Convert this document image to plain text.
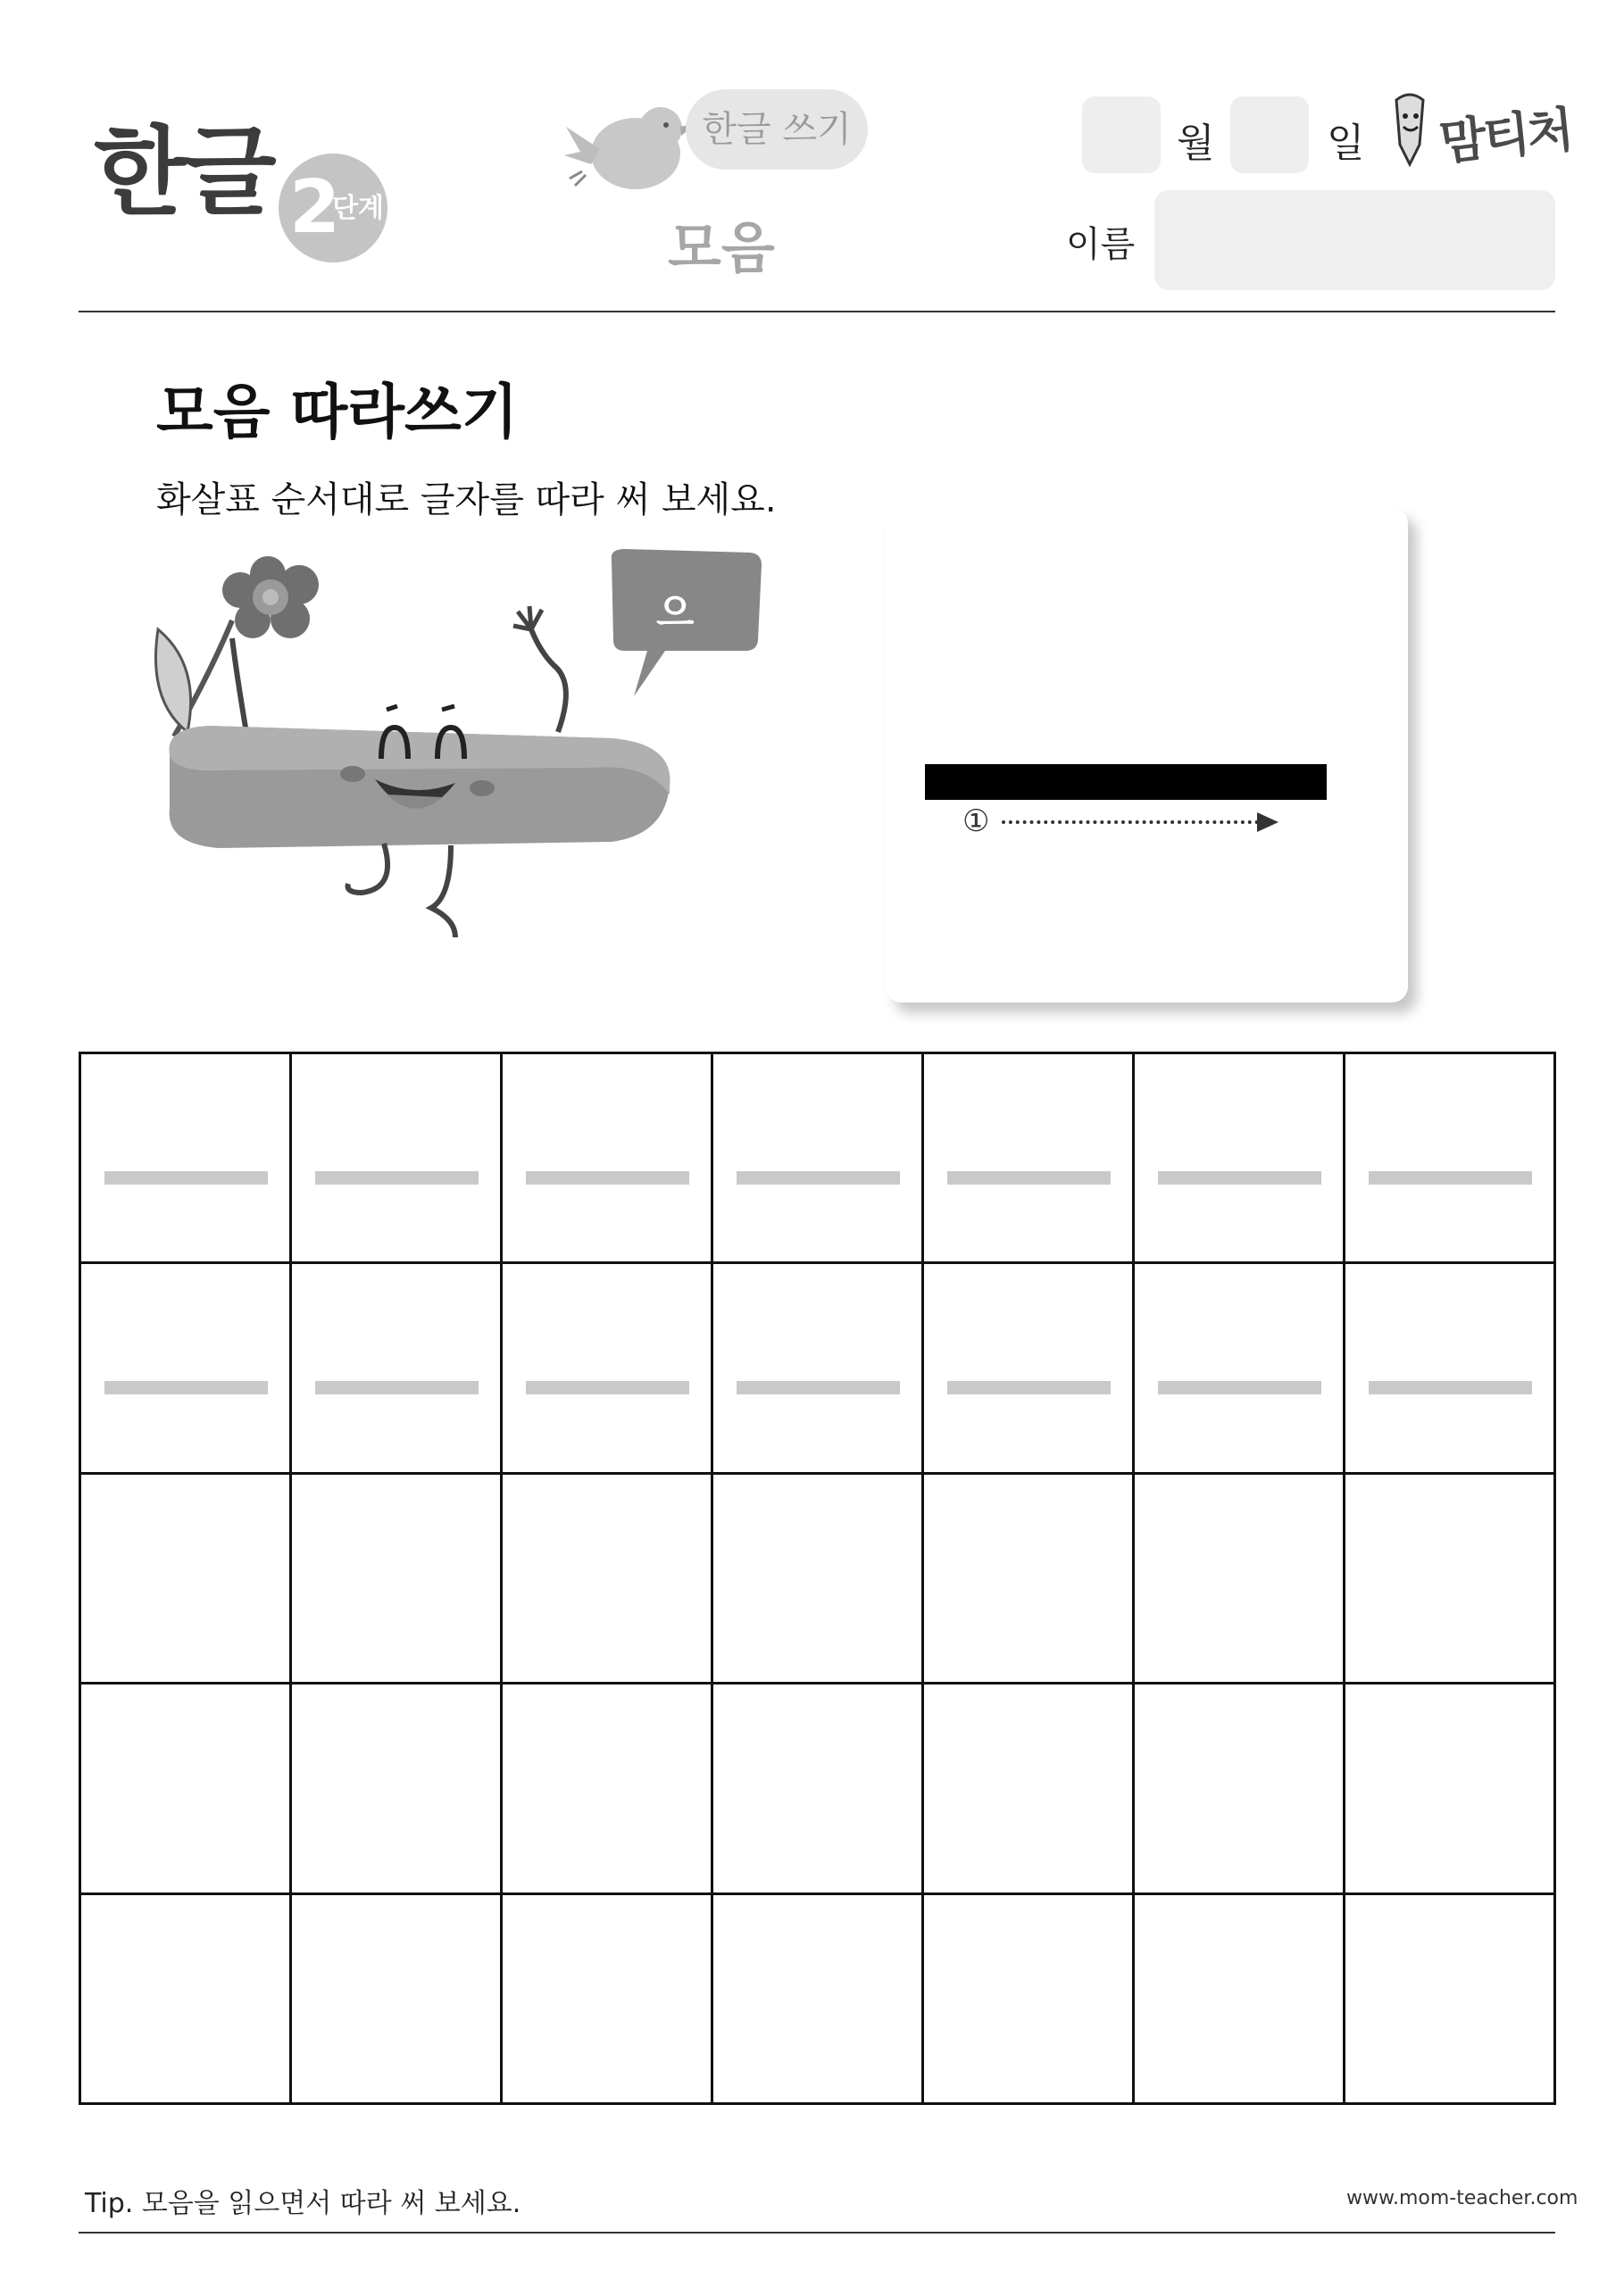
한글 2
단계
한글 쓰기
모음
월	일 맘티처
이름
모음 따라쓰기
화살표 순서대로 글자를 따라 써 보세요.
으
①
Tip. 모음을 읽으면서 따라 써 보세요.	www.mom-teacher.com
